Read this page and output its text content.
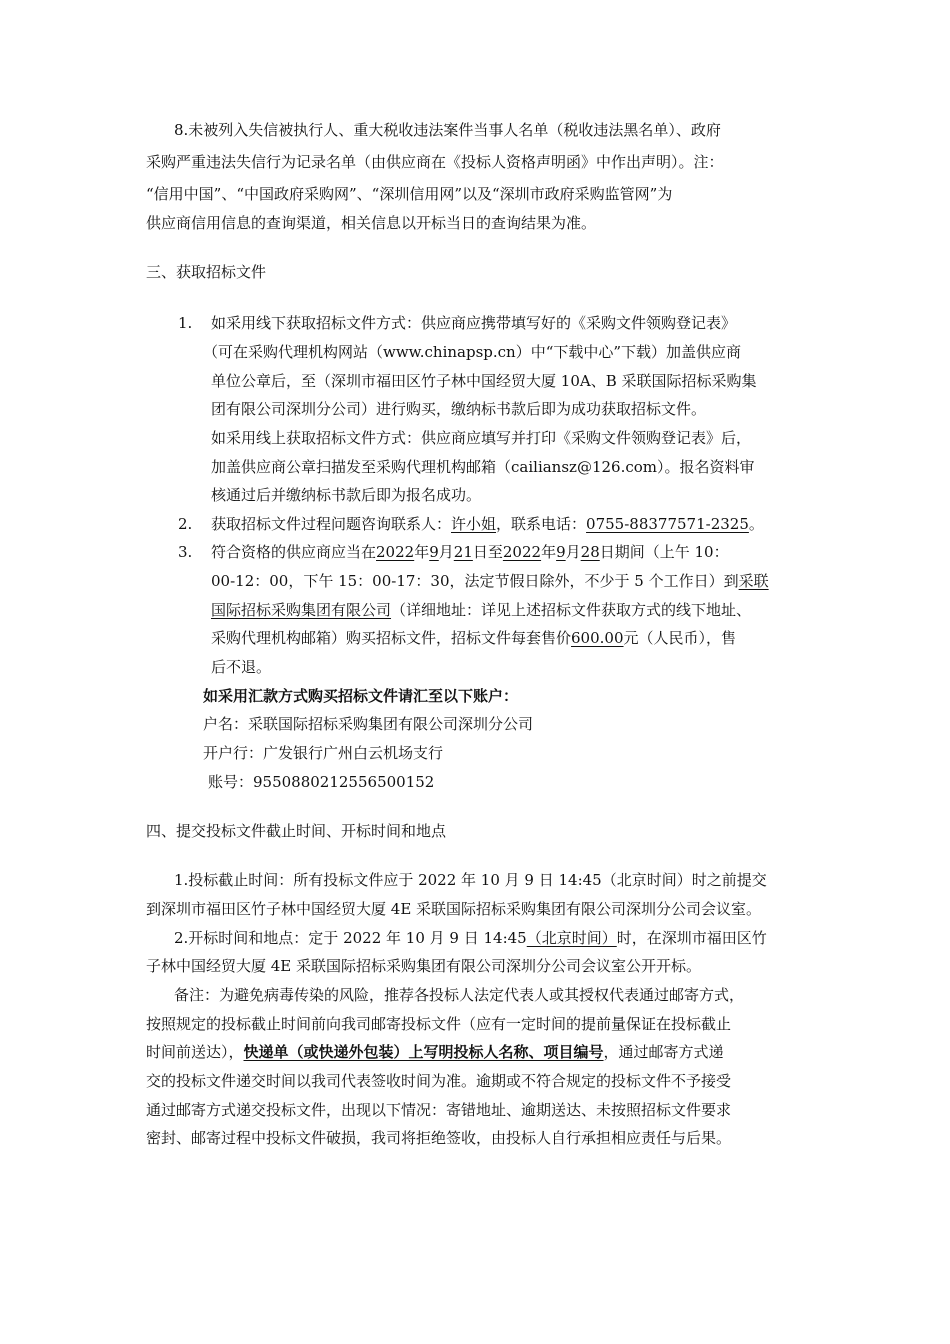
8.未被列入失信被执行人、重大税收违法案件当事人名单（税收违法黑名单）、政府
采购严重违法失信行为记录名单（由供应商在《投标人资格声明函》中作出声明）。注：
“信用中国”、“中国政府采购网”、“深圳信用网”以及“深圳市政府采购监管网”为
供应商信用信息的查询渠道，相关信息以开标当日的查询结果为准。
三、获取招标文件
1. 如采用线下获取招标文件方式：供应商应携带填写好的《采购文件领购登记表》
（可在采购代理机构网站（www.chinapsp.cn）中“下载中心”下载）加盖供应商
单位公章后，至（深圳市福田区竹子林中国经贸大厦 10A、B 采联国际招标采购集
团有限公司深圳分公司）进行购买，缴纳标书款后即为成功获取招标文件。
如采用线上获取招标文件方式：供应商应填写并打印《采购文件领购登记表》后，
加盖供应商公章扫描发至采购代理机构邮箱（caili‌ansz@126.com）。报名资料审
核通过后并缴纳标书款后即为报名成功。
2. 获取招标文件过程问题咨询联系人：许小姐，联系电话：0755-88377571-2325。
3. 符合资格的供应商应当在2022年9月21日至2022年9月28日期间（上午 10：
00-12：00，下午 15：00-17：30，法定节假日除外，不少于 5 个工作日）到采联
国际招标采购集团有限公司（详细地址：详见上述招标文件获取方式的线下地址、
采购代理机构邮箱）购买招标文件，招标文件每套售价600.00元（人民币），售
后不退。
如采用汇款方式购买招标文件请汇至以下账户：
户名：采联国际招标采购集团有限公司深圳分公司
开户行：广发银行广州白云机场支行
账号：9550880212556500152
四、提交投标文件截止时间、开标时间和地点
1.投标截止时间：所有投标文件应于 2022 年 10 月 9 日 14:45（北京时间）时之前提交
到深圳市福田区竹子林中国经贸大厦 4E 采联国际招标采购集团有限公司深圳分公司会议室。
2.开标时间和地点：定于 2022 年 10 月 9 日 14:45（北京时间）时，在深圳市福田区竹
子林中国经贸大厦 4E 采联国际招标采购集团有限公司深圳分公司会议室公开开标。
备注：为避免病毒传染的风险，推荐各投标人法定代表人或其授权代表通过邮寄方式，
按照规定的投标截止时间前向我司邮寄投标文件（应有一定时间的提前量保证在投标截止
时间前送达），快递单（或快递外包装）上写明投标人名称、项目编号，通过邮寄方式递
交的投标文件递交时间以我司代表签收时间为准。逾期或不符合规定的投标文件不予接受
通过邮寄方式递交投标文件，出现以下情况：寄错地址、逾期送达、未按照招标文件要求
密封、邮寄过程中投标文件破损，我司将拒绝签收，由投标人自行承担相应责任与后果。
